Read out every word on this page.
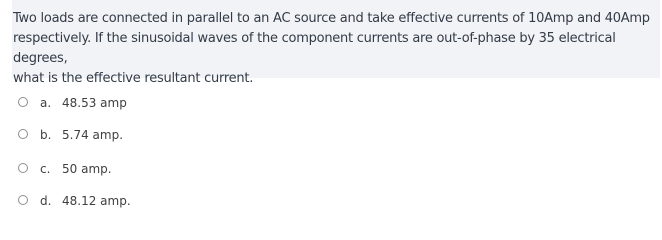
Two loads are connected in parallel to an AC source and take effective currents of 10Amp and 40Amp
respectively. If the sinusoidal waves of the component currents are out-of-phase by 35 electrical degrees,
what is the effective resultant current.
a. 48.53 amp
b. 5.74 amp.
c. 50 amp.
d. 48.12 amp.
